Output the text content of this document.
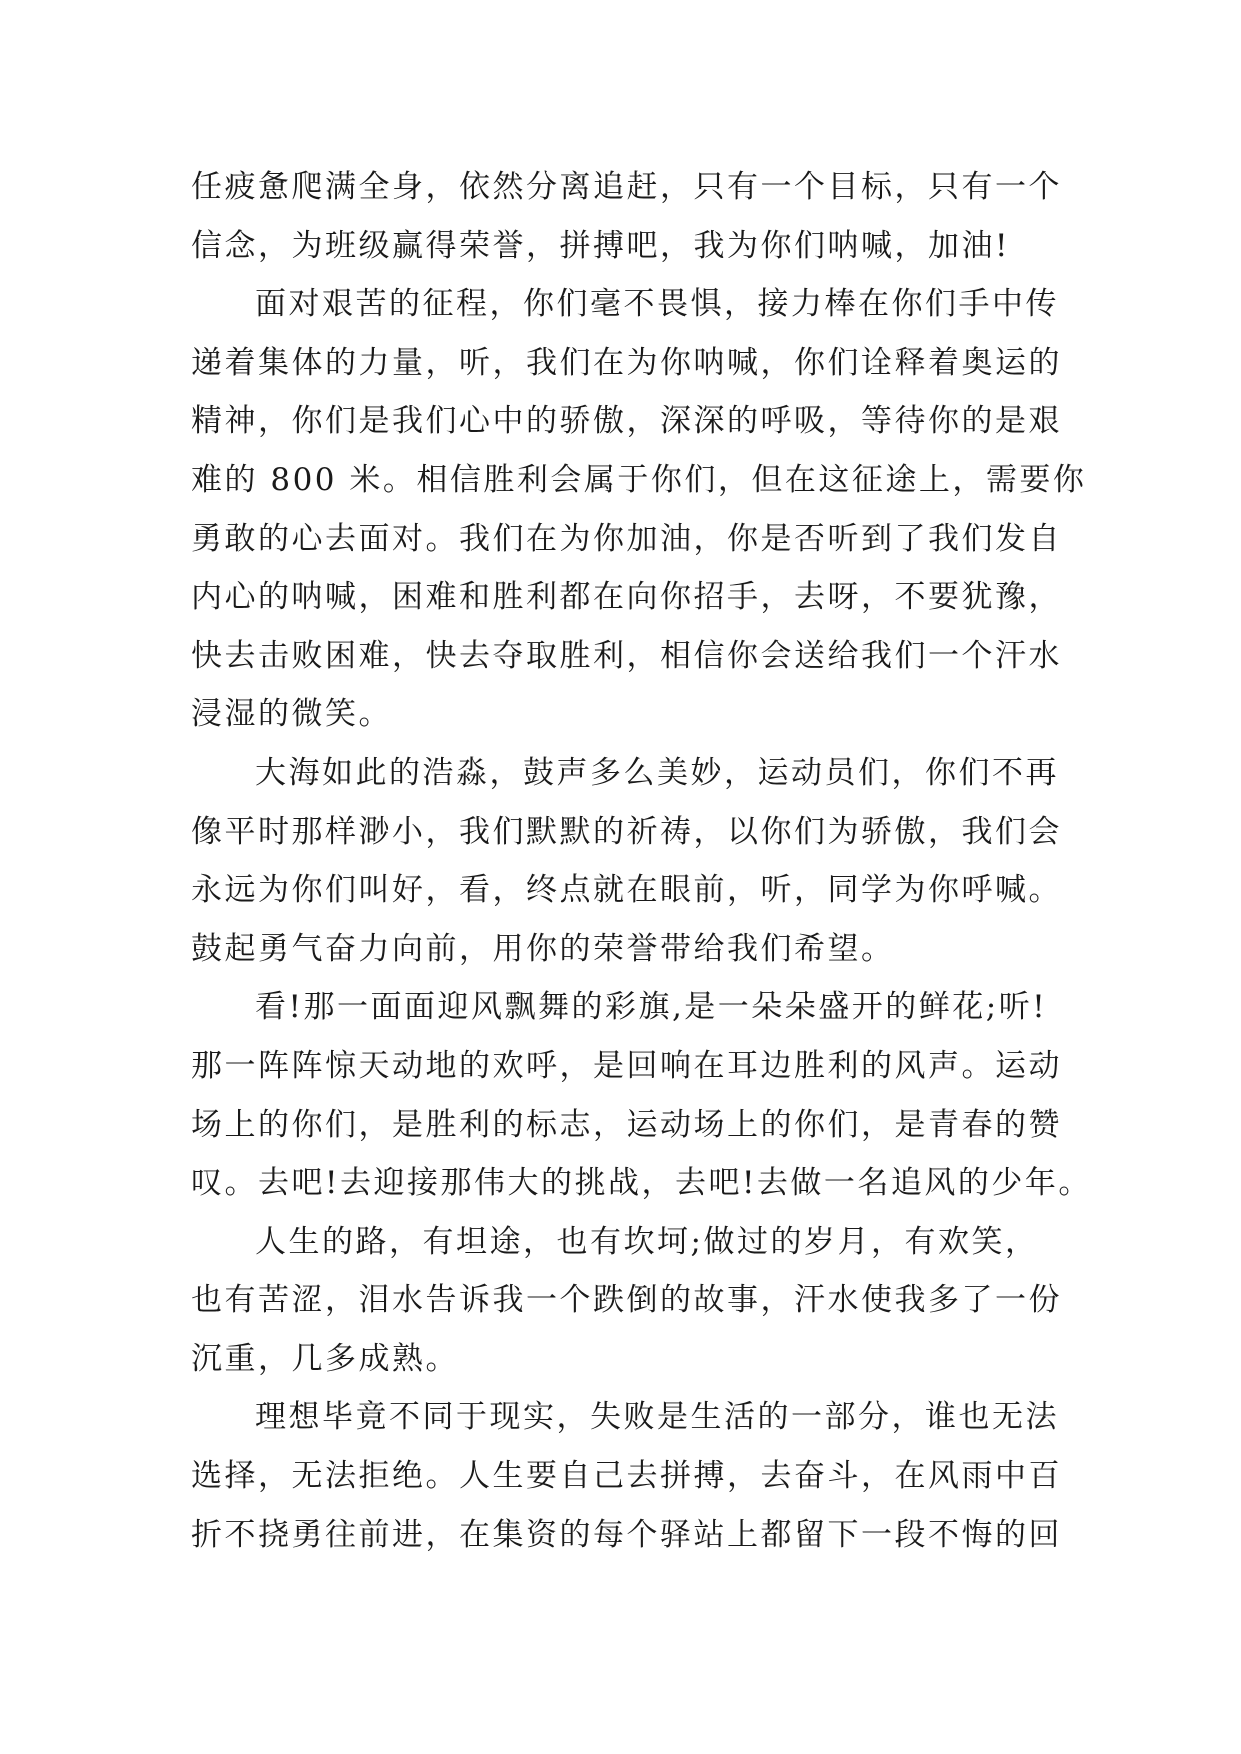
任疲惫爬满全身，依然分离追赶，只有一个目标，只有一个
信念，为班级赢得荣誉，拼搏吧，我为你们呐喊，加油!
面对艰苦的征程，你们毫不畏惧，接力棒在你们手中传
递着集体的力量，听，我们在为你呐喊，你们诠释着奥运的
精神，你们是我们心中的骄傲，深深的呼吸，等待你的是艰
难的 800 米。相信胜利会属于你们，但在这征途上，需要你
勇敢的心去面对。我们在为你加油，你是否听到了我们发自
内心的呐喊，困难和胜利都在向你招手，去呀，不要犹豫，
快去击败困难，快去夺取胜利，相信你会送给我们一个汗水
浸湿的微笑。
大海如此的浩淼，鼓声多么美妙，运动员们，你们不再
像平时那样渺小，我们默默的祈祷，以你们为骄傲，我们会
永远为你们叫好，看，终点就在眼前，听，同学为你呼喊。
鼓起勇气奋力向前，用你的荣誉带给我们希望。
看!那一面面迎风飘舞的彩旗,是一朵朵盛开的鲜花;听!
那一阵阵惊天动地的欢呼，是回响在耳边胜利的风声。运动
场上的你们，是胜利的标志，运动场上的你们，是青春的赞
叹。去吧!去迎接那伟大的挑战，去吧!去做一名追风的少年。
人生的路，有坦途，也有坎坷;做过的岁月，有欢笑，
也有苦涩，泪水告诉我一个跌倒的故事，汗水使我多了一份
沉重，几多成熟。
理想毕竟不同于现实，失败是生活的一部分，谁也无法
选择，无法拒绝。人生要自己去拼搏，去奋斗，在风雨中百
折不挠勇往前进，在集资的每个驿站上都留下一段不悔的回
